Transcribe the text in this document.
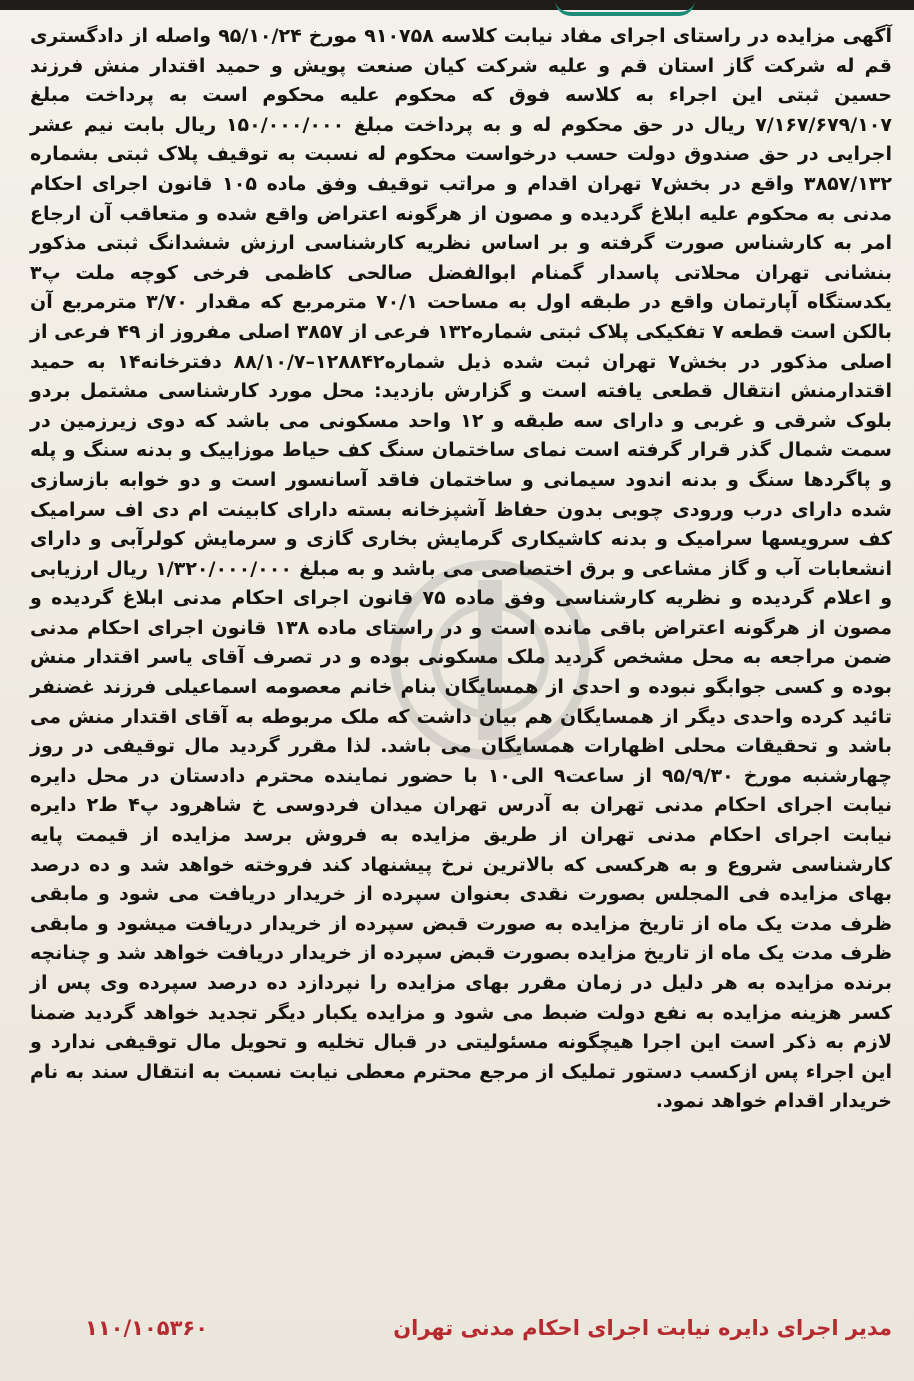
آگهی مزایده در راستای اجرای مفاد نیابت کلاسه ۹۱۰۷۵۸ مورخ ۹۵/۱۰/۲۴ واصله از دادگستری قم له شرکت گاز استان قم و علیه شرکت کیان صنعت پویش و حمید اقتدار منش فرزند حسین ثبتی این اجراء به کلاسه فوق که محکوم علیه محکوم است به پرداخت مبلغ ۷/۱۶۷/۶۷۹/۱۰۷ ریال در حق محکوم له و به پرداخت مبلغ ۱۵۰/۰۰۰/۰۰۰ ریال بابت نیم عشر اجرایی در حق صندوق دولت حسب درخواست محکوم له نسبت به توقیف پلاک ثبتی بشماره ۳۸۵۷/۱۳۲ واقع در بخش۷ تهران اقدام و مراتب توقیف وفق ماده ۱۰۵ قانون اجرای احکام مدنی به محکوم علیه ابلاغ گردیده و مصون از هرگونه اعتراض واقع شده و متعاقب آن ارجاع امر به کارشناس صورت گرفته و بر اساس نظریه کارشناسی ارزش ششدانگ ثبتی مذکور بنشانی تهران محلاتی پاسدار گمنام ابوالفضل صالحی کاظمی فرخی کوچه ملت پ۳ یکدستگاه آپارتمان واقع در طبقه اول به مساحت ۷۰/۱ مترمربع که مقدار ۳/۷۰ مترمربع آن بالکن است قطعه ۷ تفکیکی پلاک ثبتی شماره۱۳۲ فرعی از ۳۸۵۷ اصلی مفروز از ۴۹ فرعی از اصلی مذکور در بخش۷ تهران ثبت شده ذیل شماره۱۲۸۸۴۲–۸۸/۱۰/۷ دفترخانه۱۴ به حمید اقتدارمنش انتقال قطعی یافته است و گزارش بازدید: محل مورد کارشناسی مشتمل بردو بلوک شرقی و غربی و دارای سه طبقه و ۱۲ واحد مسکونی می باشد که دوی زیرزمین در سمت شمال گذر قرار گرفته است نمای ساختمان سنگ کف حیاط موزاییک و بدنه سنگ و پله و پاگردها سنگ و بدنه اندود سیمانی و ساختمان فاقد آسانسور است و دو خوابه بازسازی شده دارای درب ورودی چوبی بدون حفاظ آشپزخانه بسته دارای کابینت ام دی اف سرامیک کف سرویسها سرامیک و بدنه کاشیکاری گرمایش بخاری گازی و سرمایش کولرآبی و دارای انشعابات آب و گاز مشاعی و برق اختصاصی می باشد و به مبلغ ۱/۳۲۰/۰۰۰/۰۰۰ ریال ارزیابی و اعلام گردیده و نظریه کارشناسی وفق ماده ۷۵ قانون اجرای احکام مدنی ابلاغ گردیده و مصون از هرگونه اعتراض باقی مانده است و در راستای ماده ۱۳۸ قانون اجرای احکام مدنی ضمن مراجعه به محل مشخص گردید ملک مسکونی بوده و در تصرف آقای یاسر اقتدار منش بوده و کسی جوابگو نبوده و احدی از همسایگان بنام خانم معصومه اسماعیلی فرزند غضنفر تائید کرده واحدی دیگر از همسایگان هم بیان داشت که ملک مربوطه به آقای اقتدار منش می باشد و تحقیقات محلی اظهارات همسایگان می باشد. لذا مقرر گردید مال توقیفی در روز چهارشنبه مورخ ۹۵/۹/۳۰ از ساعت۹ الی۱۰ با حضور نماینده محترم دادستان در محل دایره نیابت اجرای احکام مدنی تهران به آدرس تهران میدان فردوسی خ شاهرود پ۴ ط۲ دایره نیابت اجرای احکام مدنی تهران از طریق مزایده به فروش برسد مزایده از قیمت پایه کارشناسی شروع و به هرکسی که بالاترین نرخ پیشنهاد کند فروخته خواهد شد و ده درصد بهای مزایده فی المجلس بصورت نقدی بعنوان سپرده از خریدار دریافت می شود و مابقی ظرف مدت یک ماه از تاریخ مزایده به صورت قبض سپرده از خریدار دریافت میشود و مابقی ظرف مدت یک ماه از تاریخ مزایده بصورت قبض سپرده از خریدار دریافت خواهد شد و چنانچه برنده مزایده به هر دلیل در زمان مقرر بهای مزایده را نپردازد ده درصد سپرده وی پس از کسر هزینه مزایده به نفع دولت ضبط می شود و مزایده یکبار دیگر تجدید خواهد گردید ضمنا لازم به ذکر است این اجرا هیچگونه مسئولیتی در قبال تخلیه و تحویل مال توقیفی ندارد و این اجراء پس ازکسب دستور تملیک از مرجع محترم معطی نیابت نسبت به انتقال سند به نام خریدار اقدام خواهد نمود.
مدیر اجرای دایره نیابت اجرای احکام مدنی تهران
۱۱۰/۱۰۵۳۶۰
